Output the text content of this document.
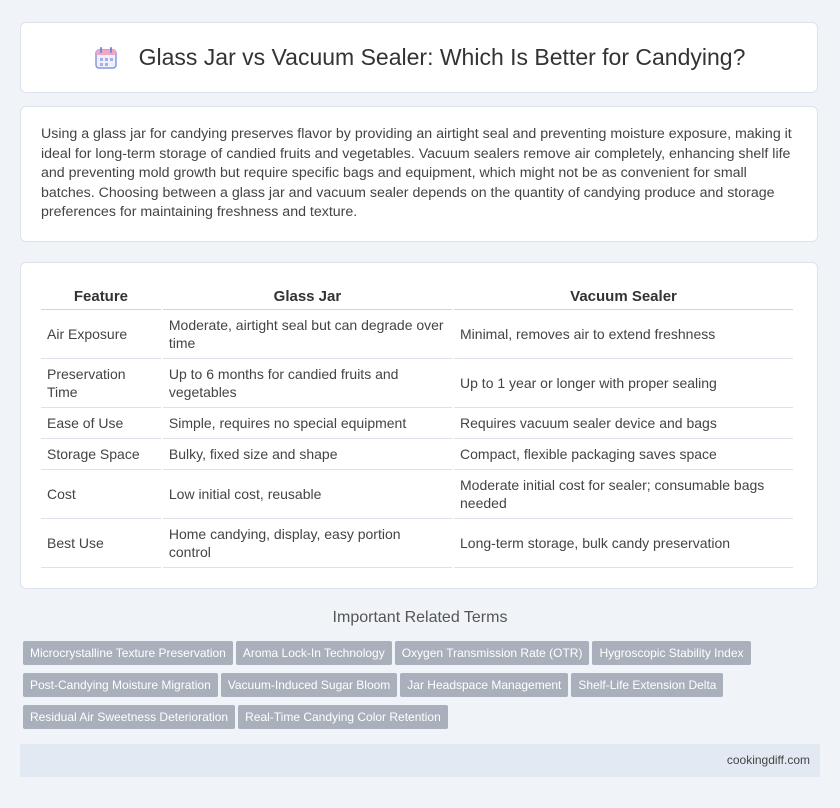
Glass Jar vs Vacuum Sealer: Which Is Better for Candying?

Using a glass jar for candying preserves flavor by providing an airtight seal and preventing moisture exposure, making it ideal for long-term storage of candied fruits and vegetables. Vacuum sealers remove air completely, enhancing shelf life and preventing mold growth but require specific bags and equipment, which might not be as convenient for small batches. Choosing between a glass jar and vacuum sealer depends on the quantity of candying produce and storage preferences for maintaining freshness and texture.

Feature	Glass Jar	Vacuum Sealer
Air Exposure	Moderate, airtight seal but can degrade over time	Minimal, removes air to extend freshness
Preservation Time	Up to 6 months for candied fruits and vegetables	Up to 1 year or longer with proper sealing
Ease of Use	Simple, requires no special equipment	Requires vacuum sealer device and bags
Storage Space	Bulky, fixed size and shape	Compact, flexible packaging saves space
Cost	Low initial cost, reusable	Moderate initial cost for sealer; consumable bags needed
Best Use	Home candying, display, easy portion control	Long-term storage, bulk candy preservation
Important Related Terms
Microcrystalline Texture Preservation Aroma Lock-In Technology Oxygen Transmission Rate (OTR) Hygroscopic Stability IndexPost-Candying Moisture Migration Vacuum-Induced Sugar Bloom Jar Headspace Management Shelf-Life Extension DeltaResidual Air Sweetness Deterioration Real-Time Candying Color Retention
cookingdiff.com
